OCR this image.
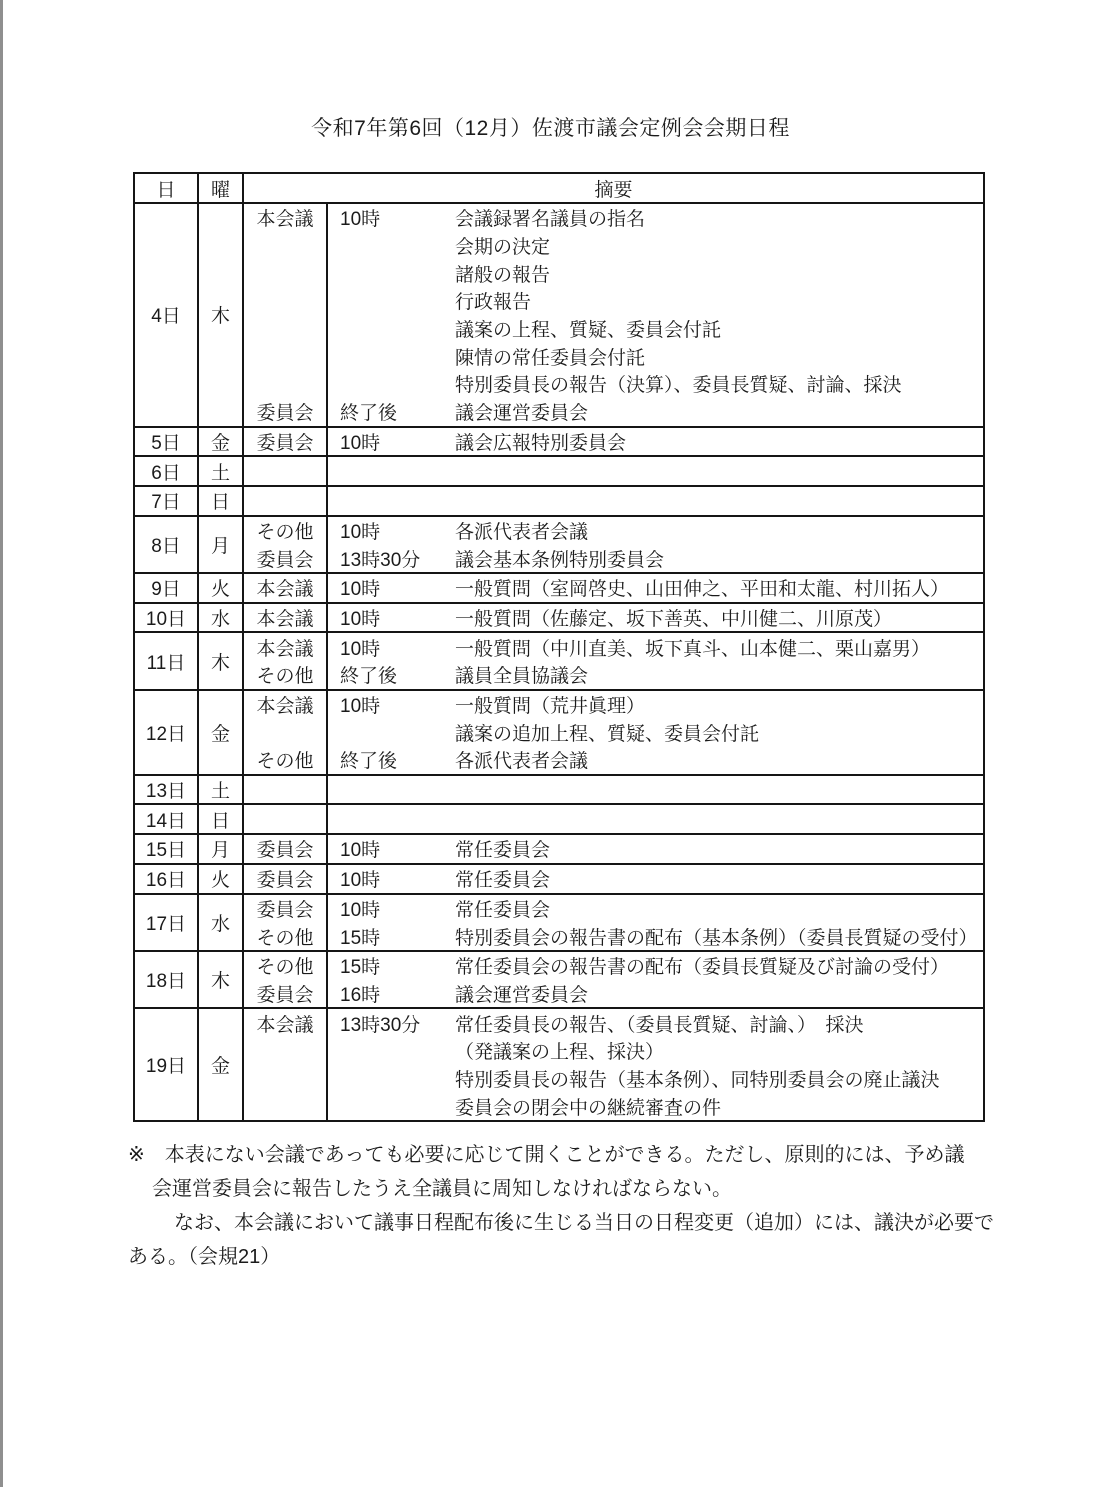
令和7年第6回（12月）佐渡市議会定例会会期日程
日	曜	摘要
4日	木
本会議	10時	会議録署名議員の指名
会期の決定
諸般の報告
行政報告
議案の上程、質疑、委員会付託
陳情の常任委員会付託
特別委員長の報告（決算）、委員長質疑、討論、採決
委員会	終了後	議会運営委員会
5日	金	委員会	10時	議会広報特別委員会
6日	土
7日	日
8日	月
その他	10時	各派代表者会議
委員会	13時30分	議会基本条例特別委員会
9日	火	本会議	10時	一般質問（室岡啓史、山田伸之、平田和太龍、村川拓人）
10日	水	本会議	10時	一般質問（佐藤定、坂下善英、中川健二、川原茂）
11日	木
本会議	10時	一般質問（中川直美、坂下真斗、山本健二、栗山嘉男）
その他	終了後	議員全員協議会
12日	金
本会議	10時	一般質問（荒井眞理）
議案の追加上程、質疑、委員会付託
その他	終了後	各派代表者会議
13日	土
14日	日
15日	月	委員会	10時	常任委員会
16日	火	委員会	10時	常任委員会
17日	水
委員会	10時	常任委員会
その他	15時	特別委員会の報告書の配布（基本条例）（委員長質疑の受付）
18日	木
その他	15時	常任委員会の報告書の配布（委員長質疑及び討論の受付）
委員会	16時	議会運営委員会
19日	金
本会議	13時30分	常任委員長の報告、（委員長質疑、討論、）　採決
（発議案の上程、採決）
特別委員長の報告（基本条例）、同特別委員会の廃止議決
委員会の閉会中の継続審査の件
※　本表にない会議であっても必要に応じて開くことができる。ただし、原則的には、予め議
会運営委員会に報告したうえ全議員に周知しなければならない。
なお、本会議において議事日程配布後に生じる当日の日程変更（追加）には、議決が必要で
ある。（会規21）
